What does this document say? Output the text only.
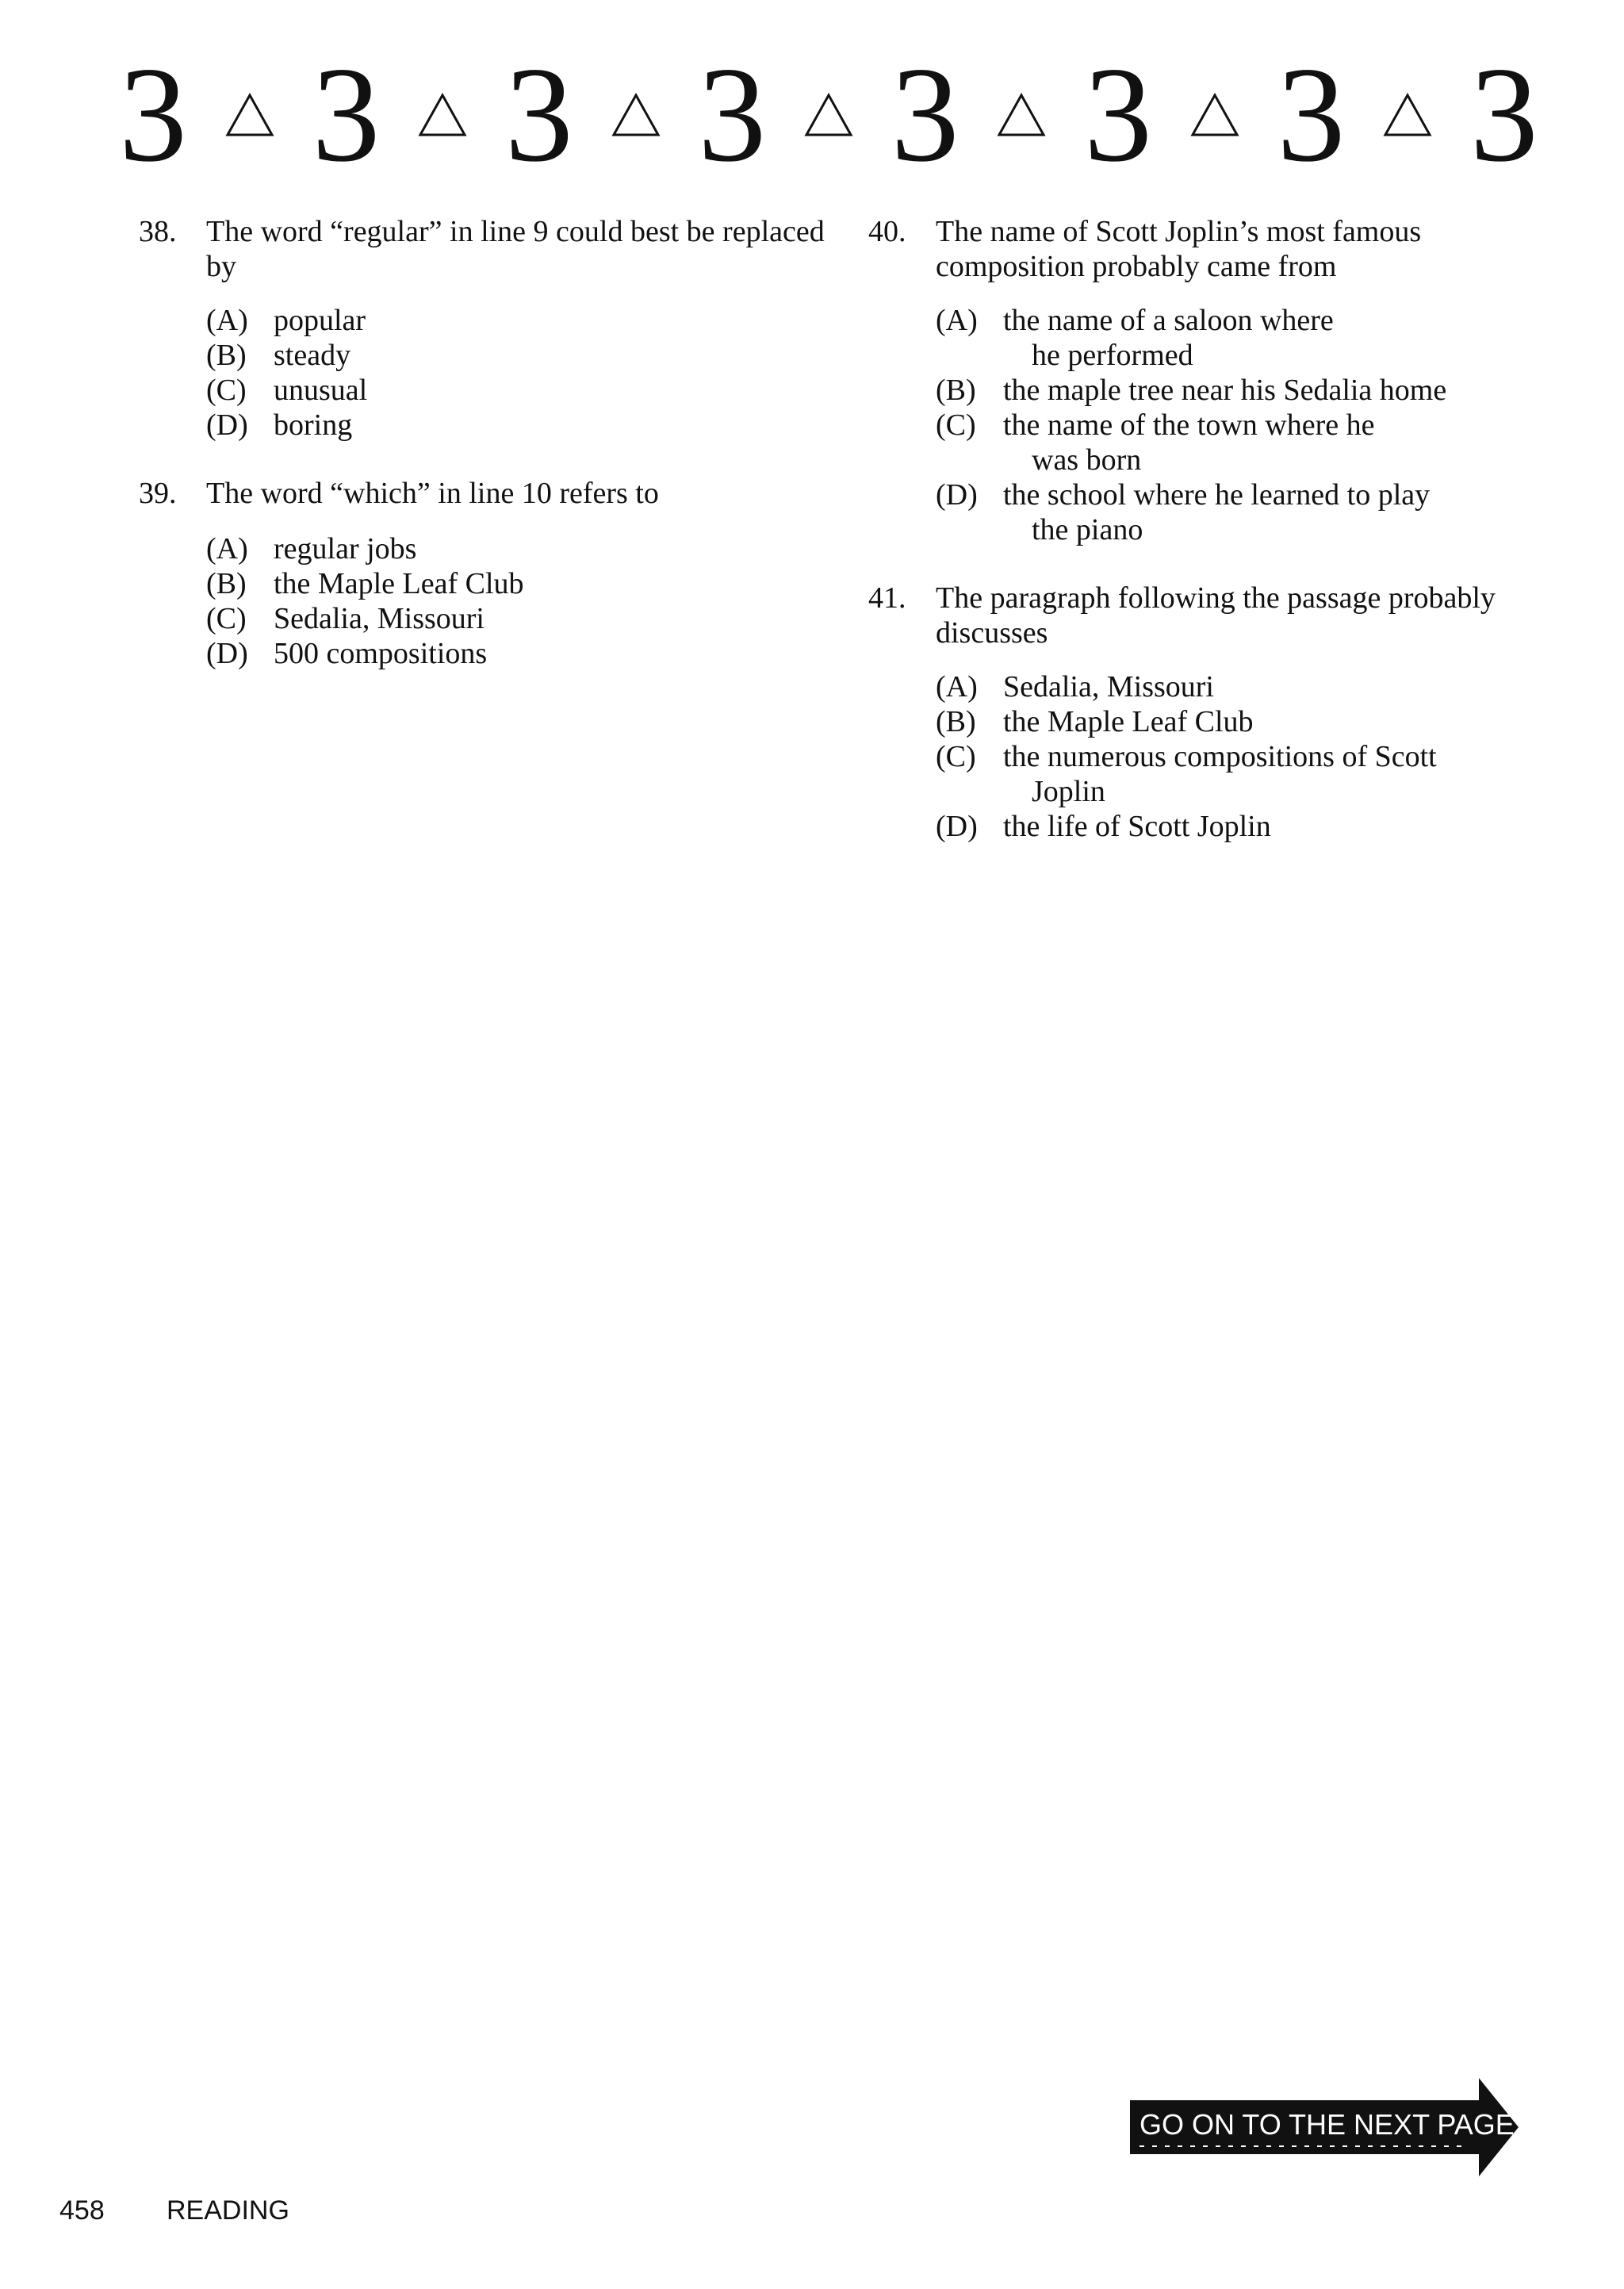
3 3 3 3 3 3 3 3
38. The word “regular” in line 9 could best be replaced by
(A) popular
(B) steady
(C) unusual
(D) boring
39. The word “which” in line 10 refers to
(A) regular jobs
(B) the Maple Leaf Club
(C) Sedalia, Missouri
(D) 500 compositions
40. The name of Scott Joplin’s most famous composition probably came from
(A) the name of a saloon where
he performed
(B) the maple tree near his Sedalia home
(C) the name of the town where he
was born
(D) the school where he learned to play
the piano
41. The paragraph following the passage probably discusses
(A) Sedalia, Missouri
(B) the Maple Leaf Club
(C) the numerous compositions of Scott
Joplin
(D) the life of Scott Joplin
GO ON TO THE NEXT PAGE
458 READING
